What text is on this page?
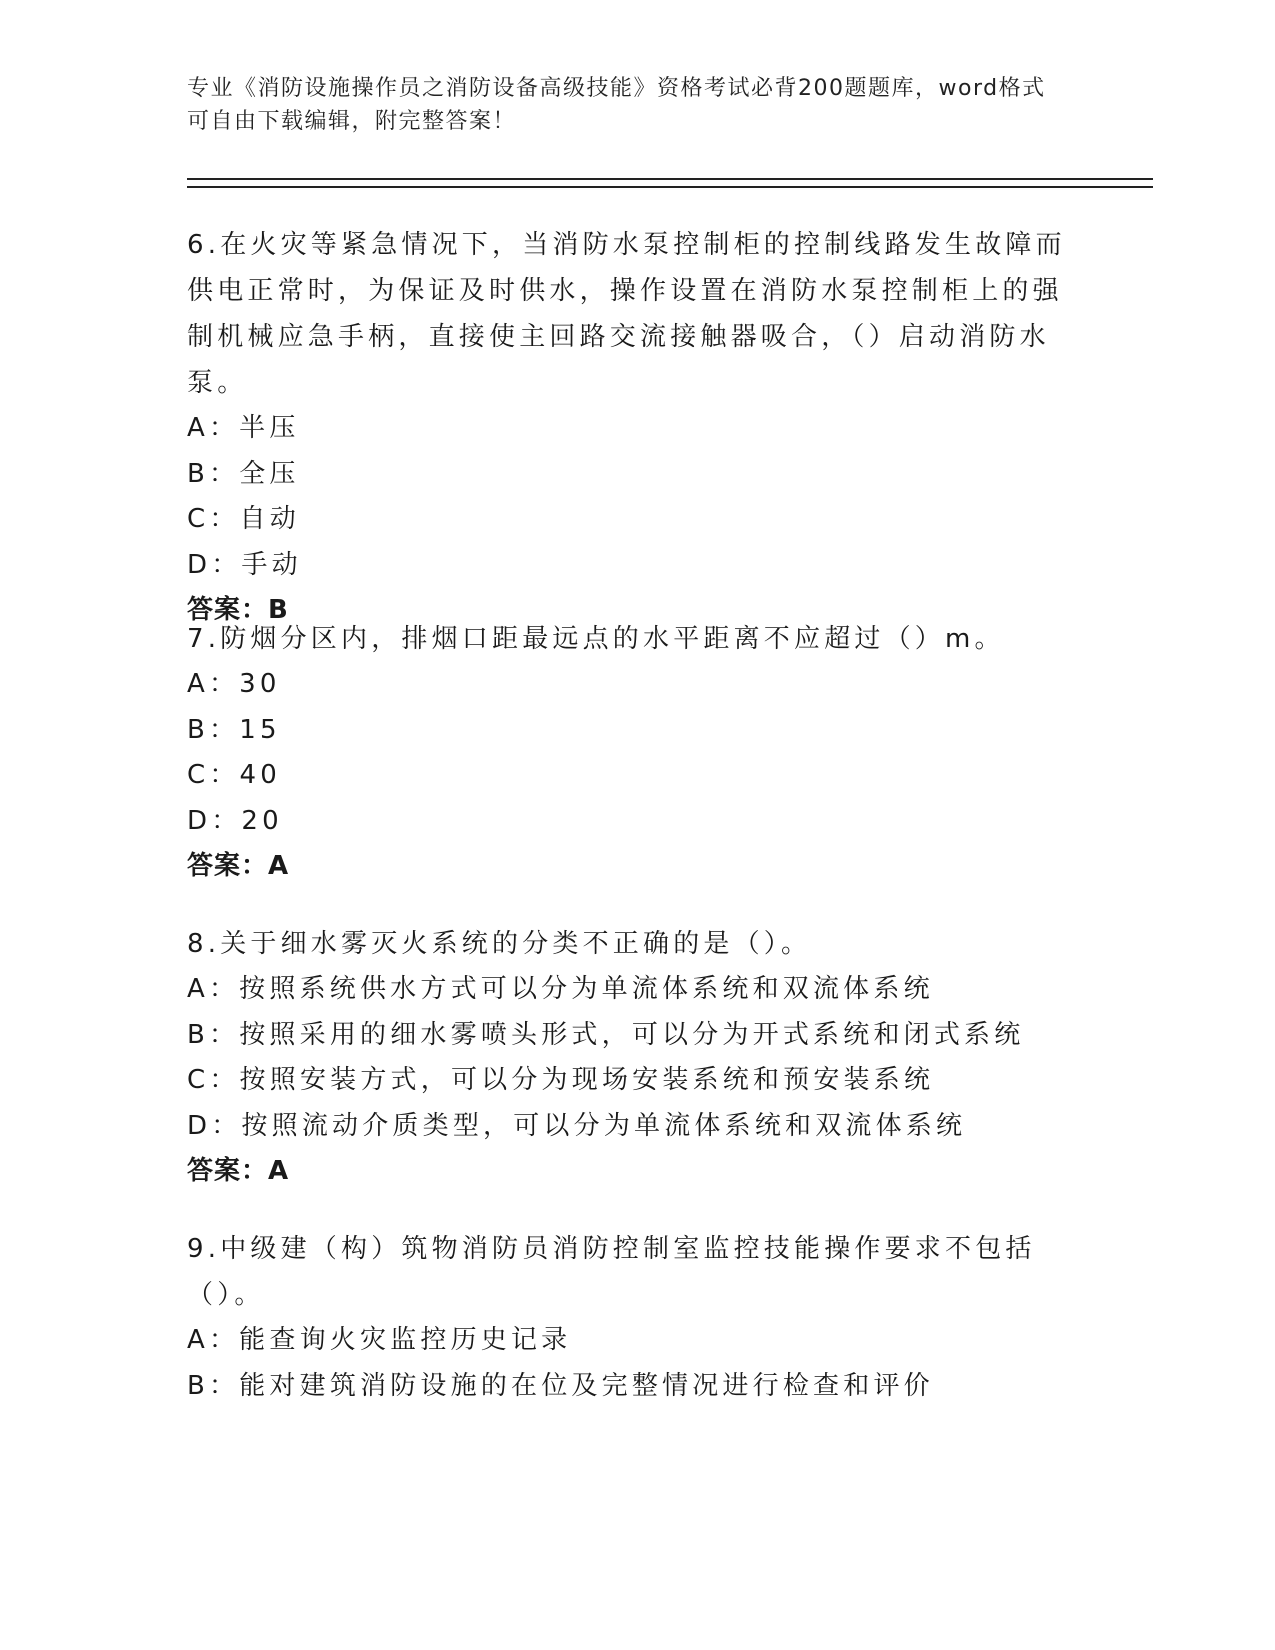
专业《消防设施操作员之消防设备高级技能》资格考试必背200题题库，word格式可自由下载编辑，附完整答案！
6.在火灾等紧急情况下，当消防水泵控制柜的控制线路发生故障而供电正常时，为保证及时供水，操作设置在消防水泵控制柜上的强制机械应急手柄，直接使主回路交流接触器吸合，（）启动消防水泵。
A：半压
B：全压
C：自动
D：手动
答案：B
7.防烟分区内，排烟口距最远点的水平距离不应超过（）m。
A：30
B：15
C：40
D：20
答案：A
8.关于细水雾灭火系统的分类不正确的是（）。
A：按照系统供水方式可以分为单流体系统和双流体系统
B：按照采用的细水雾喷头形式，可以分为开式系统和闭式系统
C：按照安装方式，可以分为现场安装系统和预安装系统
D：按照流动介质类型，可以分为单流体系统和双流体系统
答案：A
9.中级建（构）筑物消防员消防控制室监控技能操作要求不包括（）。
A：能查询火灾监控历史记录
B：能对建筑消防设施的在位及完整情况进行检查和评价
